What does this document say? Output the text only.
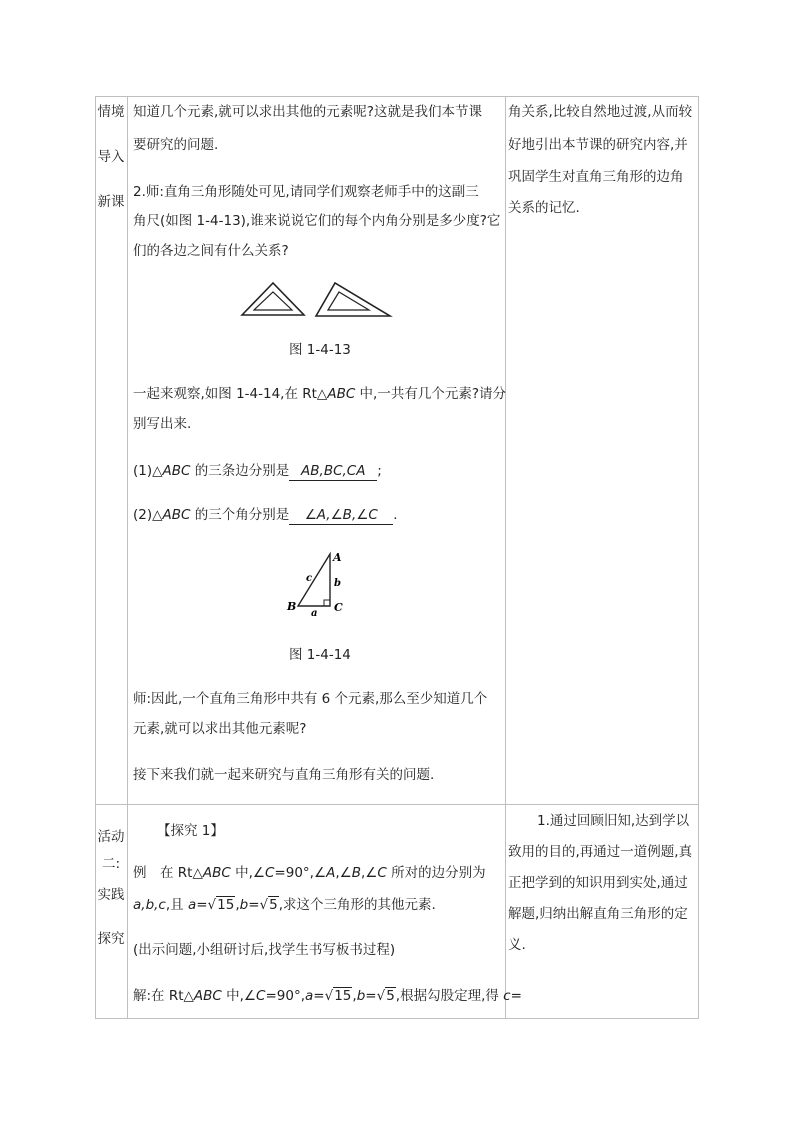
情境
导入
新课
知道几个元素,就可以求出其他的元素呢?这就是我们本节课
要研究的问题.
2.师:直角三角形随处可见,请同学们观察老师手中的这副三
角尺(如图 1-4-13),谁来说说它们的每个内角分别是多少度?它
们的各边之间有什么关系?
图 1-4-13
一起来观察,如图 1-4-14,在 Rt△ABC 中,一共有几个元素?请分
别写出来.
(1)△ABC 的三条边分别是 AB,BC,CA ;
(2)△ABC 的三个角分别是 ∠A,∠B,∠C .
A
B	C
a
b
c
图 1-4-14
师:因此,一个直角三角形中共有 6 个元素,那么至少知道几个
元素,就可以求出其他元素呢?
接下来我们就一起来研究与直角三角形有关的问题.
角关系,比较自然地过渡,从而较
好地引出本节课的研究内容,并
巩固学生对直角三角形的边角
关系的记忆.
活动
二:
实践
探究
【探究 1】
例　在 Rt△ABC 中,∠C=90°,∠A,∠B,∠C 所对的边分别为
a,b,c,且 a=√15,b=√5,求这个三角形的其他元素.
(出示问题,小组研讨后,找学生书写板书过程)
解:在 Rt△ABC 中,∠C=90°,a=√15,b=√5,根据勾股定理,得 c=
1.通过回顾旧知,达到学以
致用的目的,再通过一道例题,真
正把学到的知识用到实处,通过
解题,归纳出解直角三角形的定
义.
